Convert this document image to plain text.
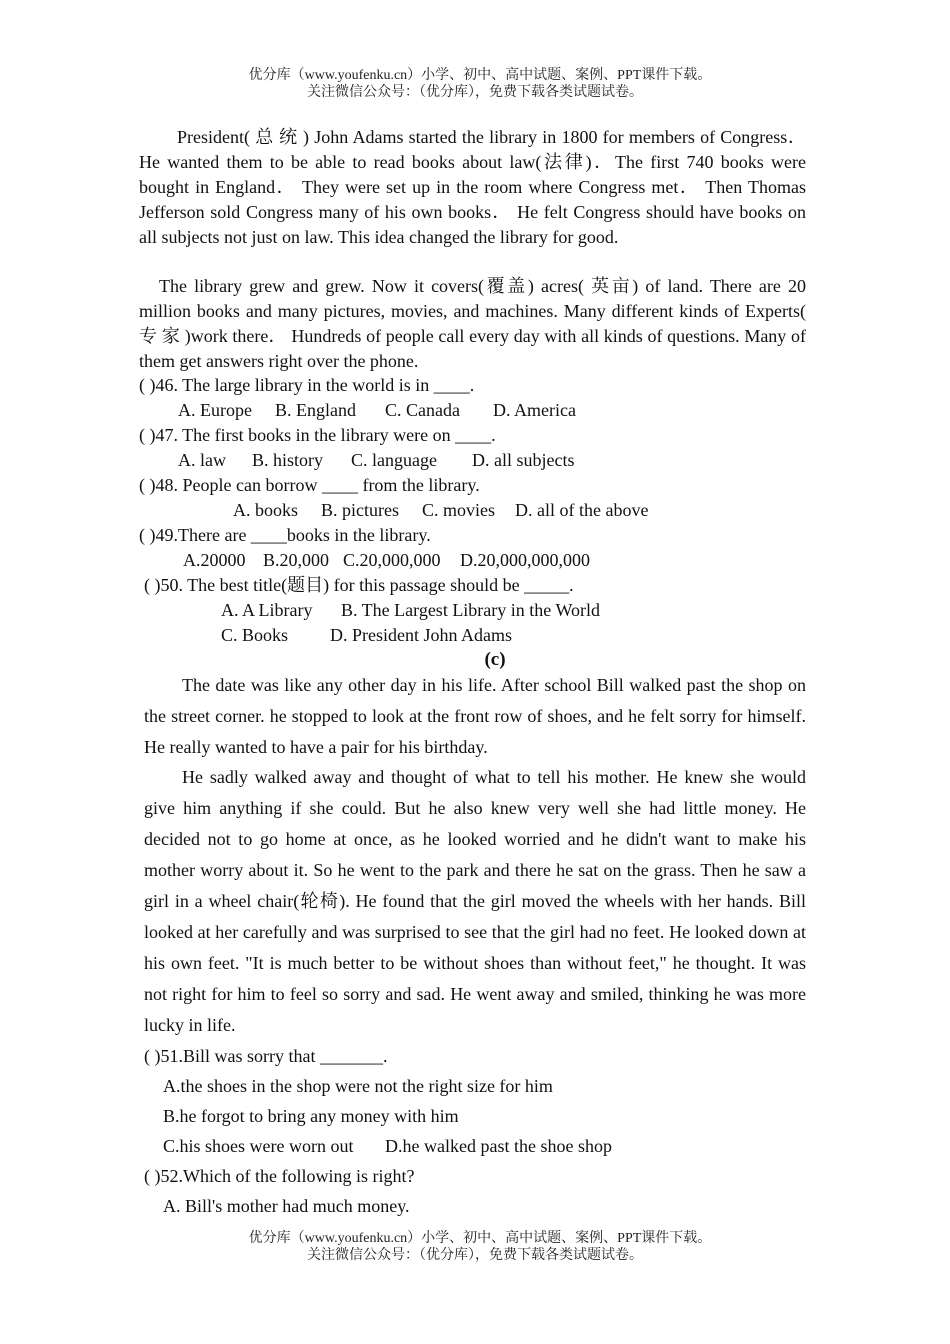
优分库（www.youfenku.cn）小学、初中、高中试题、案例、PPT课件下载。
关注微信公众号：（优分库），免费下载各类试题试卷。
President( 总 统 ) John Adams started the library in 1800 for members of Congress．He wanted them to be able to read books about law(法律)．The first 740 books were bought in England． They were set up in the room where Congress met． Then Thomas Jefferson sold Congress many of his own books． He felt Congress should have books on all subjects not just on law. This idea changed the library for good.
The library grew and grew. Now it covers(覆盖) acres( 英亩) of land. There are 20 million books and many pictures, movies, and machines. Many different kinds of Experts( 专 家 )work there． Hundreds of people call every day with all kinds of questions. Many of them get answers right over the phone.
( )46. The large library in the world is in ____.
A. Europe B. England C. Canada D. America
( )47. The first books in the library were on ____.
A. law B. history C. language D. all subjects
( )48. People can borrow ____ from the library.
A. books B. pictures C. movies D. all of the above
( )49.There are ____books in the library.
A.20000 B.20,000 C.20,000,000 D.20,000,000,000
( )50. The best title(题目) for this passage should be _____.
A. A Library B. The Largest Library in the World
C. Books D. President John Adams
(c)
The date was like any other day in his life. After school Bill walked past the shop on the street corner. he stopped to look at the front row of shoes, and he felt sorry for himself. He really wanted to have a pair for his birthday.
He sadly walked away and thought of what to tell his mother. He knew she would give him anything if she could. But he also knew very well she had little money. He decided not to go home at once, as he looked worried and he didn't want to make his mother worry about it. So he went to the park and there he sat on the grass. Then he saw a girl in a wheel chair(轮椅). He found that the girl moved the wheels with her hands. Bill looked at her carefully and was surprised to see that the girl had no feet. He looked down at his own feet. "It is much better to be without shoes than without feet," he thought. It was not right for him to feel so sorry and sad. He went away and smiled, thinking he was more lucky in life.
( )51.Bill was sorry that _______.
A.the shoes in the shop were not the right size for him
B.he forgot to bring any money with him
C.his shoes were worn out D.he walked past the shoe shop
( )52.Which of the following is right?
A. Bill's mother had much money.
优分库（www.youfenku.cn）小学、初中、高中试题、案例、PPT课件下载。
关注微信公众号：（优分库），免费下载各类试题试卷。
